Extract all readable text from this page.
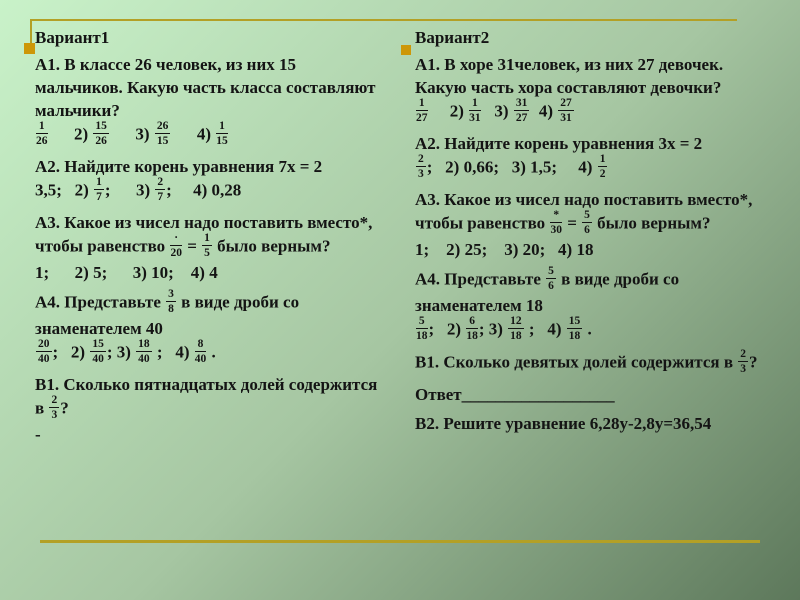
Вариант1
А1. В классе 26 человек, из них 15
мальчиков. Какую часть класса составляют
мальчики?
$\frac{1}{26} 2) \frac{15}{26} 3) \frac{26}{15} 4) \frac{1}{15}$
А2. Найдите корень уравнения 7х = 2
3,5;   $2) \frac{1}{7}$ ;      $3) \frac{2}{7}$ ;     4) 0,28
А3. Какое из чисел надо поставить вместо*,
чтобы равенство $\frac{\cdot}{20} = \frac{1}{5}$ было верным?
1;      2) 5;      3) 10;    4) 4
А4. Представьте $\frac{3}{8}$ в виде дроби со
знаменателем 40
$\frac{20}{40}$ ;   $2) \frac{15}{40}$ ; $3) \frac{18}{40}$ ;   $4) \frac{8}{40}$ .
В1. Сколько пятнадцатых долей содержится
в $\frac{2}{3}$ ?
-
Вариант2
А1. В хоре 31человек, из них 27 девочек.
Какую часть хора составляют девочки?
$\frac{1}{27} 2) \frac{1}{31} 3) \frac{31}{27} 4) \frac{27}{31}$
А2. Найдите корень уравнения 3х = 2
$\frac{2}{3}$ ;   2) 0,66;   3) 1,5;     $4) \frac{1}{2}$
А3. Какое из чисел надо поставить вместо*,
чтобы равенство $\frac{*}{30} = \frac{5}{6}$ было верным?
1;    2) 25;    3) 20;   4) 18
А4. Представьте $\frac{5}{6}$ в виде дроби со
знаменателем 18
$\frac{5}{18}$ ;   $2) \frac{6}{18}$ ; $3) \frac{12}{18}$ ;   $4) \frac{15}{18}$ .
В1. Сколько девятых долей содержится в $\frac{2}{3}$ ?
Ответ__________________
В2. Решите уравнение 6,28у-2,8у=36,54
